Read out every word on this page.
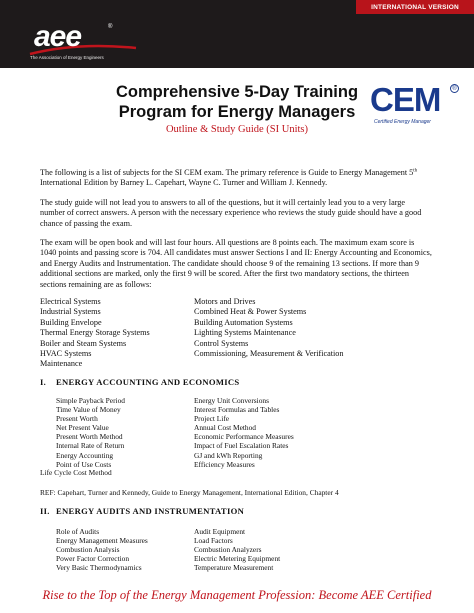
INTERNATIONAL VERSION
aee	®
The Association of Energy Engineers
Comprehensive 5-Day Training
Program for Energy Managers
Outline & Study Guide (SI Units)
CEM	®
Certified Energy Manager

The following is a list of subjects for the SI CEM exam. The primary reference is Guide to Energy Management 5th International Edition by Barney L. Capehart, Wayne C. Turner and William J. Kennedy.

The study guide will not lead you to answers to all of the questions, but it will certainly lead you to a very large number of correct answers. A person with the necessary experience who reviews the study guide should have a good chance of passing the exam.

The exam will be open book and will last four hours. All questions are 8 points each. The maximum exam score is 1040 points and passing score is 704. All candidates must answer Sections I and II: Energy Accounting and Economics, and Energy Audits and Instrumentation. The candidate should choose 9 of the remaining 13 sections. If more than 9 additional sections are marked, only the first 9 will be scored. After the first two mandatory sections, the thirteen sections remaining are as follows:

Electrical Systems
Industrial Systems
Building Envelope
Thermal Energy Storage Systems
Boiler and Steam Systems
HVAC Systems
Maintenance
Motors and Drives
Combined Heat & Power Systems
Building Automation Systems
Lighting Systems Maintenance
Control Systems
Commissioning, Measurement & Verification
I. ENERGY ACCOUNTING AND ECONOMICS
Simple Payback Period
Time Value of Money
Present Worth
Net Present Value
Present Worth Method
Internal Rate of Return
Energy Accounting
Point of Use Costs
Energy Unit Conversions
Interest Formulas and Tables
Project Life
Annual Cost Method
Economic Performance Measures
Impact of Fuel Escalation Rates
GJ and kWh Reporting
Efficiency Measures
Life Cycle Cost Method
REF: Capehart, Turner and Kennedy, Guide to Energy Management, International Edition, Chapter 4
II. ENERGY AUDITS AND INSTRUMENTATION
Role of Audits
Energy Management Measures
Combustion Analysis
Power Factor Correction
Very Basic Thermodynamics
Audit Equipment
Load Factors
Combustion Analyzers
Electric Metering Equipment
Temperature Measurement
Rise to the Top of the Energy Management Profession: Become AEE Certified
